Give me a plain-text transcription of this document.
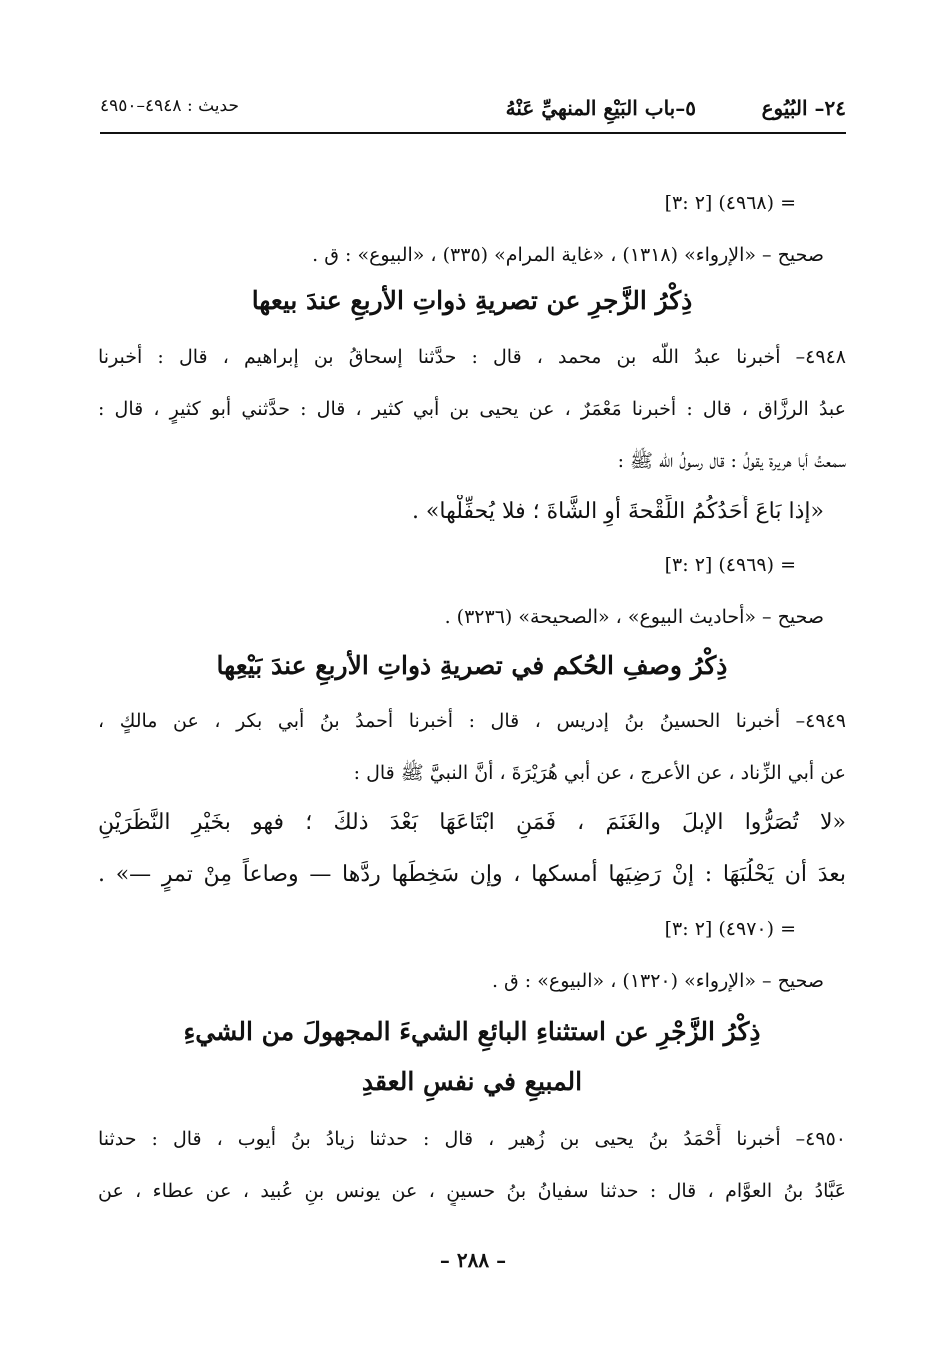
٢٤– البُيُوع
٥–باب البَيْعِ المنهيِّ عَنْهُ
حديث : ٤٩٤٨–٤٩٥٠
= (٤٩٦٨) [٢ :٣]
صحيح – «الإرواء» (١٣١٨) ، «غاية المرام» (٣٣٥) ، «البيوع» : ق .
ذِكْرُ الزَّجرِ عن تصريةِ ذواتِ الأربعِ عندَ بيعها
٤٩٤٨– أخبرنا عبدُ اللّه بن محمد ، قال : حدَّثنا إسحاقُ بن إبراهيم ، قال : أخبرنا
عبدُ الرزَّاق ، قال : أخبرنا مَعْمَرٌ ، عن يحيى بن أبي كثير ، قال : حدَّثني أبو كثيرٍ ، قال :
سمعتُ أبا هريرة يقولُ : قال رسولُ اللّه ﷺ :
«إذا بَاعَ أَحَدُكُمُ اللِّقْحةَ أوِ الشَّاةَ ؛ فلا يُحفِّلْها» .
= (٤٩٦٩) [٢ :٣]
صحيح – «أحاديث البيوع» ، «الصحيحة» (٣٢٣٦) .
ذِكْرُ وصفِ الحُكم في تصريةِ ذواتِ الأربعِ عندَ بَيْعِها
٤٩٤٩– أخبرنا الحسينُ بنُ إدريس ، قال : أخبرنا أحمدُ بنُ أبي بكر ، عن مالكٍ ،
عن أبي الزِّناد ، عن الأعرج ، عن أبي هُرَيْرَةَ ، أنَّ النبيَّ ﷺ قال :
«لا تُصَرُّوا الإبلَ والغَنَمَ ، فَمَنِ ابْتَاعَهَا بَعْدَ ذلكَ ؛ فهو بخَيْرِ النَّظَرَيْنِ
بعدَ أن يَحْلُبَهَا : إنْ رَضِيَها أمسكها ، وإن سَخِطَها ردَّها — وصاعاً مِنْ تمرٍ —» .
= (٤٩٧٠) [٢ :٣]
صحيح – «الإرواء» (١٣٢٠) ، «البيوع» : ق .
ذِكْرُ الزَّجْرِ عن استثناءِ البائعِ الشيءَ المجهولَ من الشيءِ
المبيعِ في نفسِ العقدِ
٤٩٥٠– أخبرنا أَحْمَدُ بنُ يحيى بن زُهير ، قال : حدثنا زيادُ بنُ أيوب ، قال : حدثنا
عَبَّادُ بنُ العوَّام ، قال : حدثنا سفيانُ بنُ حسينٍ ، عن يونس بنِ عُبيد ، عن عطاء ، عن
– ٢٨٨ –
